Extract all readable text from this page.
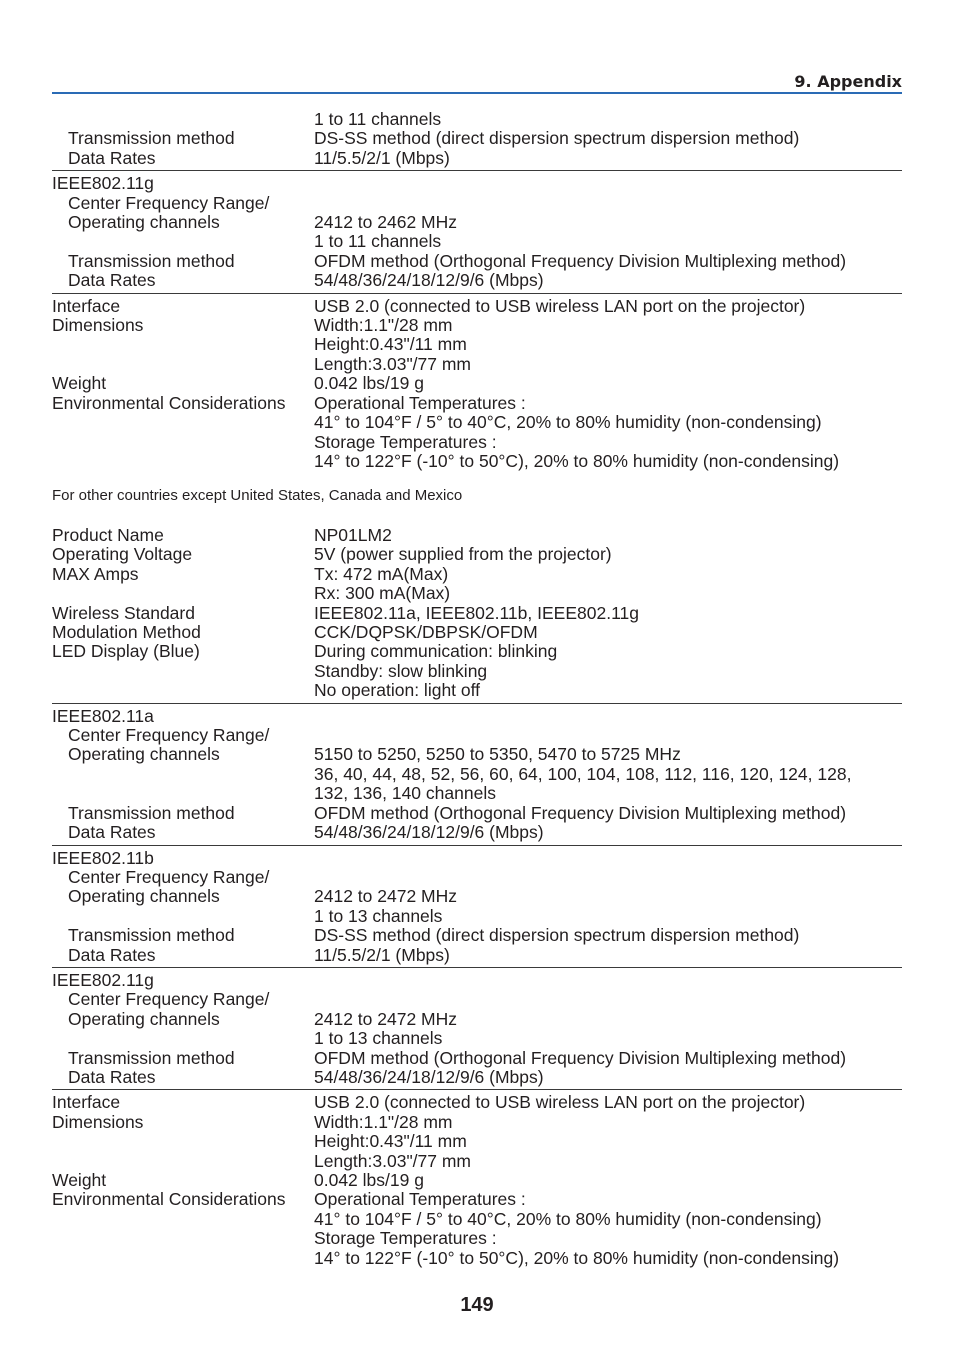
9. Appendix
1 to 11 channels
Transmission method	DS-SS method (direct dispersion spectrum dispersion method)
Data Rates	11/5.5/2/1 (Mbps)
IEEE802.11g
Center Frequency Range/
Operating channels	2412 to 2462 MHz
1 to 11 channels
Transmission method	OFDM method (Orthogonal Frequency Division Multiplexing method)
Data Rates	54/48/36/24/18/12/9/6 (Mbps)
Interface	USB 2.0 (connected to USB wireless LAN port on the projector)
Dimensions	Width:1.1"/28 mm
Height:0.43"/11 mm
Length:3.03"/77 mm
Weight	0.042 lbs/19 g
Environmental Considerations	Operational Temperatures :
41° to 104°F / 5° to 40°C, 20% to 80% humidity (non-condensing)
Storage Temperatures :
14° to 122°F (-10° to 50°C), 20% to 80% humidity (non-condensing)
For other countries except United States, Canada and Mexico
Product Name	NP01LM2
Operating Voltage	5V (power supplied from the projector)
MAX Amps	Tx: 472 mA(Max)
Rx: 300 mA(Max)
Wireless Standard	IEEE802.11a, IEEE802.11b, IEEE802.11g
Modulation Method	CCK/DQPSK/DBPSK/OFDM
LED Display (Blue)	During communication: blinking
Standby: slow blinking
No operation: light off
IEEE802.11a
Center Frequency Range/
Operating channels	5150 to 5250, 5250 to 5350, 5470 to 5725 MHz
36, 40, 44, 48, 52, 56, 60, 64, 100, 104, 108, 112, 116, 120, 124, 128,
132, 136, 140 channels
Transmission method	OFDM method (Orthogonal Frequency Division Multiplexing method)
Data Rates	54/48/36/24/18/12/9/6 (Mbps)
IEEE802.11b
Center Frequency Range/
Operating channels	2412 to 2472 MHz
1 to 13 channels
Transmission method	DS-SS method (direct dispersion spectrum dispersion method)
Data Rates	11/5.5/2/1 (Mbps)
IEEE802.11g
Center Frequency Range/
Operating channels	2412 to 2472 MHz
1 to 13 channels
Transmission method	OFDM method (Orthogonal Frequency Division Multiplexing method)
Data Rates	54/48/36/24/18/12/9/6 (Mbps)
Interface	USB 2.0 (connected to USB wireless LAN port on the projector)
Dimensions	Width:1.1"/28 mm
Height:0.43"/11 mm
Length:3.03"/77 mm
Weight	0.042 lbs/19 g
Environmental Considerations	Operational Temperatures :
41° to 104°F / 5° to 40°C, 20% to 80% humidity (non-condensing)
Storage Temperatures :
14° to 122°F (-10° to 50°C), 20% to 80% humidity (non-condensing)
149
